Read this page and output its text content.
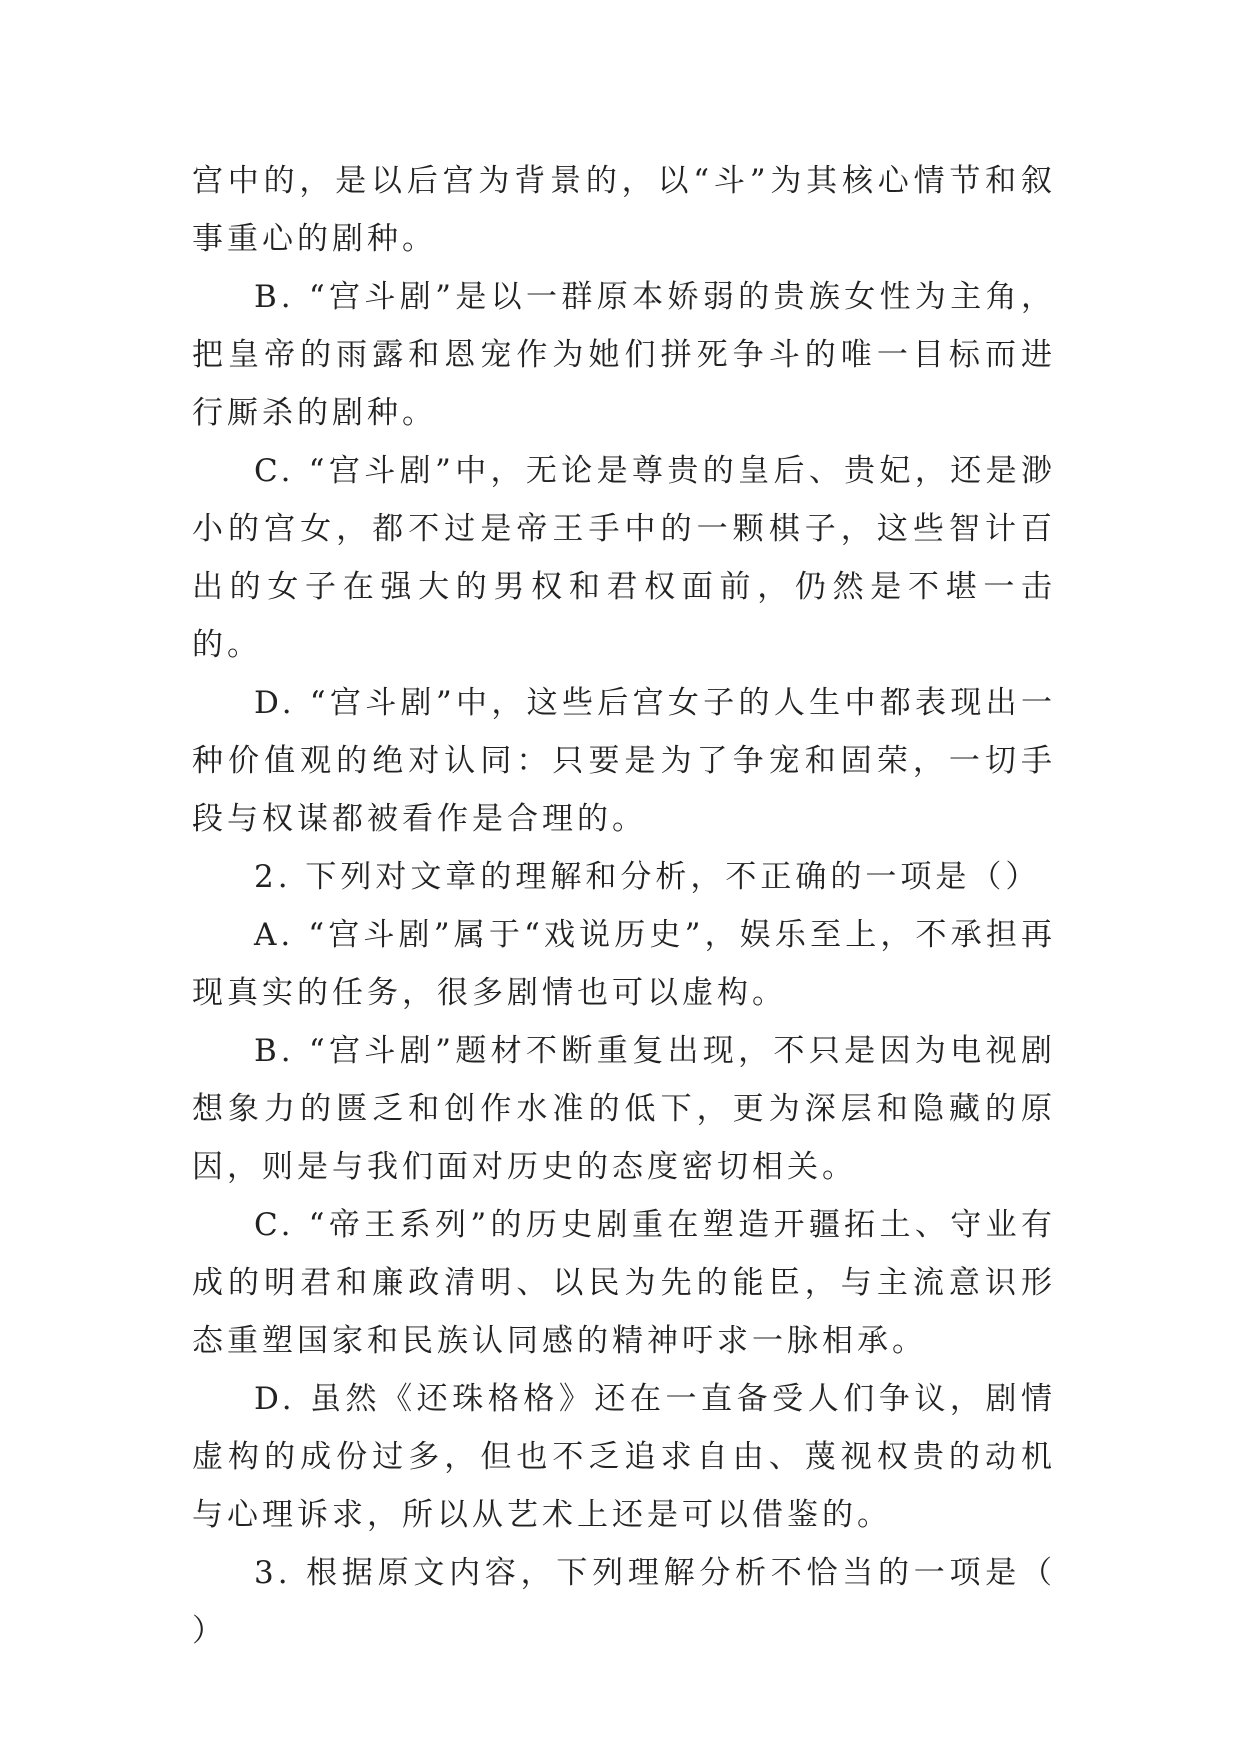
宫中的，是以后宫为背景的，以“斗”为其核心情节和叙事重心的剧种。

B. “宫斗剧”是以一群原本娇弱的贵族女性为主角，把皇帝的雨露和恩宠作为她们拼死争斗的唯一目标而进行厮杀的剧种。

C. “宫斗剧”中，无论是尊贵的皇后、贵妃，还是渺小的宫女，都不过是帝王手中的一颗棋子，这些智计百出的女子在强大的男权和君权面前，仍然是不堪一击的。

D. “宫斗剧”中，这些后宫女子的人生中都表现出一种价值观的绝对认同：只要是为了争宠和固荣，一切手段与权谋都被看作是合理的。

2. 下列对文章的理解和分析，不正确的一项是（）

A. “宫斗剧”属于“戏说历史”，娱乐至上，不承担再现真实的任务，很多剧情也可以虚构。

B. “宫斗剧”题材不断重复出现，不只是因为电视剧想象力的匮乏和创作水准的低下，更为深层和隐藏的原因，则是与我们面对历史的态度密切相关。

C. “帝王系列”的历史剧重在塑造开疆拓土、守业有成的明君和廉政清明、以民为先的能臣，与主流意识形态重塑国家和民族认同感的精神吁求一脉相承。

D. 虽然《还珠格格》还在一直备受人们争议，剧情虚构的成份过多，但也不乏追求自由、蔑视权贵的动机与心理诉求，所以从艺术上还是可以借鉴的。

3. 根据原文内容，下列理解分析不恰当的一项是（ ）
